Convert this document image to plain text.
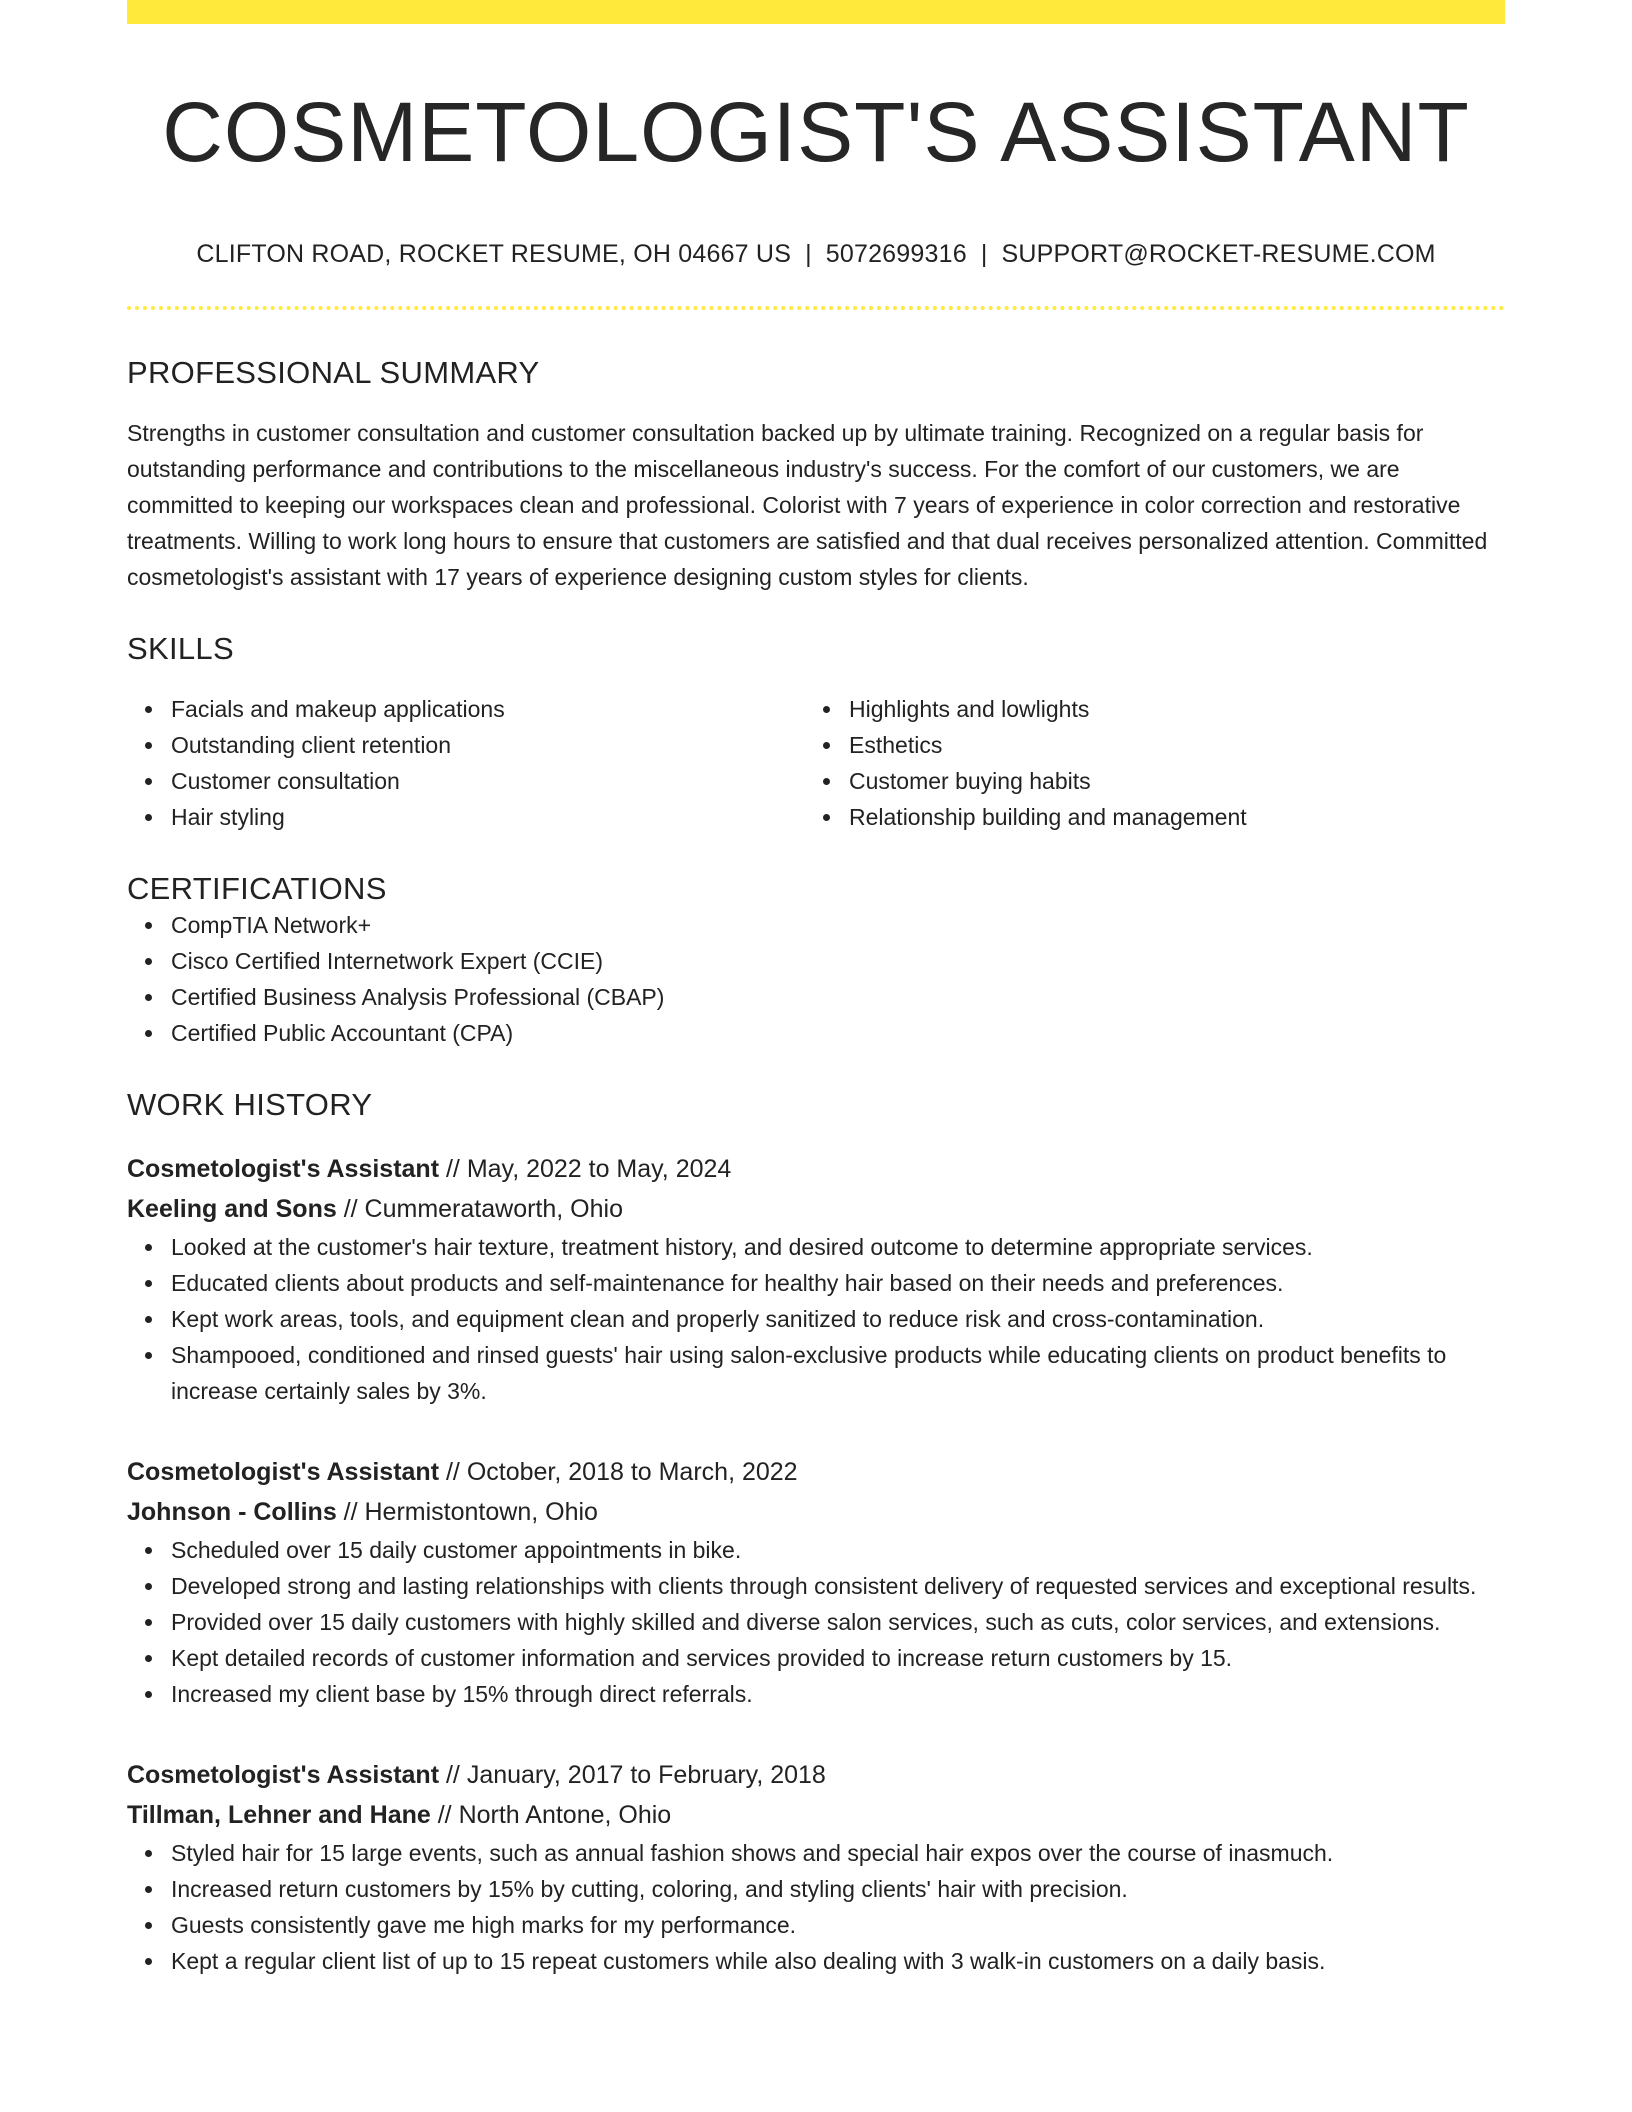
COSMETOLOGIST'S ASSISTANT
CLIFTON ROAD, ROCKET RESUME, OH 04667 US | 5072699316 | SUPPORT@ROCKET-RESUME.COM
PROFESSIONAL SUMMARY
Strengths in customer consultation and customer consultation backed up by ultimate training. Recognized on a regular basis for outstanding performance and contributions to the miscellaneous industry's success. For the comfort of our customers, we are committed to keeping our workspaces clean and professional. Colorist with 7 years of experience in color correction and restorative treatments. Willing to work long hours to ensure that customers are satisfied and that dual receives personalized attention. Committed cosmetologist's assistant with 17 years of experience designing custom styles for clients.
SKILLS
Facials and makeup applications
Outstanding client retention
Customer consultation
Hair styling
Highlights and lowlights
Esthetics
Customer buying habits
Relationship building and management
CERTIFICATIONS
CompTIA Network+
Cisco Certified Internetwork Expert (CCIE)
Certified Business Analysis Professional (CBAP)
Certified Public Accountant (CPA)
WORK HISTORY
Cosmetologist's Assistant // May, 2022 to May, 2024
Keeling and Sons // Cummerataworth, Ohio
Looked at the customer's hair texture, treatment history, and desired outcome to determine appropriate services.
Educated clients about products and self-maintenance for healthy hair based on their needs and preferences.
Kept work areas, tools, and equipment clean and properly sanitized to reduce risk and cross-contamination.
Shampooed, conditioned and rinsed guests' hair using salon-exclusive products while educating clients on product benefits to increase certainly sales by 3%.
Cosmetologist's Assistant // October, 2018 to March, 2022
Johnson - Collins // Hermistontown, Ohio
Scheduled over 15 daily customer appointments in bike.
Developed strong and lasting relationships with clients through consistent delivery of requested services and exceptional results.
Provided over 15 daily customers with highly skilled and diverse salon services, such as cuts, color services, and extensions.
Kept detailed records of customer information and services provided to increase return customers by 15.
Increased my client base by 15% through direct referrals.
Cosmetologist's Assistant // January, 2017 to February, 2018
Tillman, Lehner and Hane // North Antone, Ohio
Styled hair for 15 large events, such as annual fashion shows and special hair expos over the course of inasmuch.
Increased return customers by 15% by cutting, coloring, and styling clients' hair with precision.
Guests consistently gave me high marks for my performance.
Kept a regular client list of up to 15 repeat customers while also dealing with 3 walk-in customers on a daily basis.
